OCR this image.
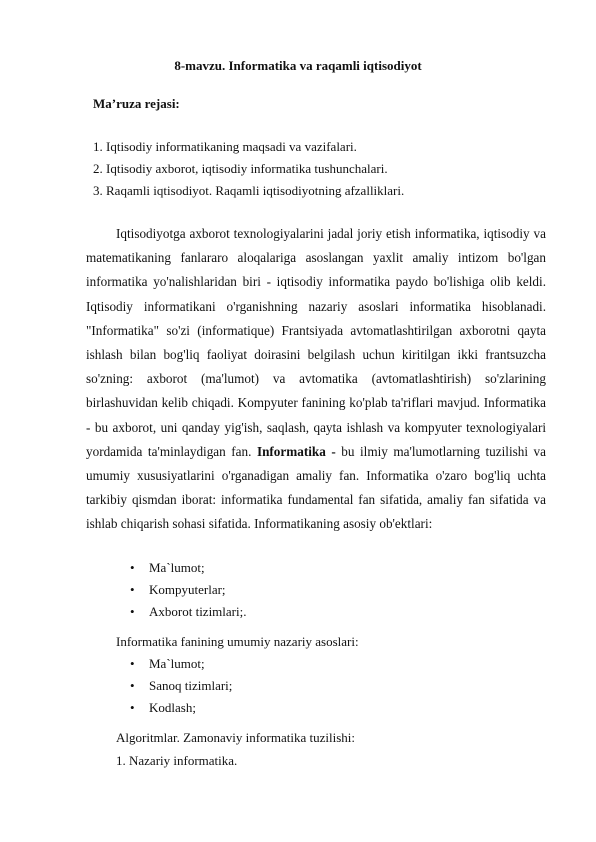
8-mavzu. Informatika va raqamli iqtisodiyot
Ma’ruza rejasi:
1. Iqtisodiy informatikaning maqsadi va vazifalari.
2. Iqtisodiy axborot, iqtisodiy informatika tushunchalari.
3. Raqamli iqtisodiyot. Raqamli iqtisodiyotning afzalliklari.

Iqtisodiyotga axborot texnologiyalarini jadal joriy etish informatika, iqtisodiy va matematikaning fanlararo aloqalariga asoslangan yaxlit amaliy intizom bo'lgan informatika yo'nalishlaridan biri - iqtisodiy informatika paydo bo'lishiga olib keldi. Iqtisodiy informatikani o'rganishning nazariy asoslari informatika hisoblanadi. "Informatika" so'zi (informatique) Frantsiyada avtomatlashtirilgan axborotni qayta ishlash bilan bog'liq faoliyat doirasini belgilash uchun kiritilgan ikki frantsuzcha so'zning: axborot (ma'lumot) va avtomatika (avtomatlashtirish) so'zlarining birlashuvidan kelib chiqadi. Kompyuter fanining ko'plab ta'riflari mavjud. Informatika - bu axborot, uni qanday yig'ish, saqlash, qayta ishlash va kompyuter texnologiyalari yordamida ta'minlaydigan fan. Informatika - bu ilmiy ma'lumotlarning tuzilishi va umumiy xususiyatlarini o'rganadigan amaliy fan. Informatika o'zaro bog'liq uchta tarkibiy qismdan iborat: informatika fundamental fan sifatida, amaliy fan sifatida va ishlab chiqarish sohasi sifatida. Informatikaning asosiy ob'ektlari:

• Ma`lumot;
• Kompyuterlar;
• Axborot tizimlari;.
Informatika fanining umumiy nazariy asoslari:
• Ma`lumot;
• Sanoq tizimlari;
• Kodlash;
Algoritmlar. Zamonaviy informatika tuzilishi:
1. Nazariy informatika.
